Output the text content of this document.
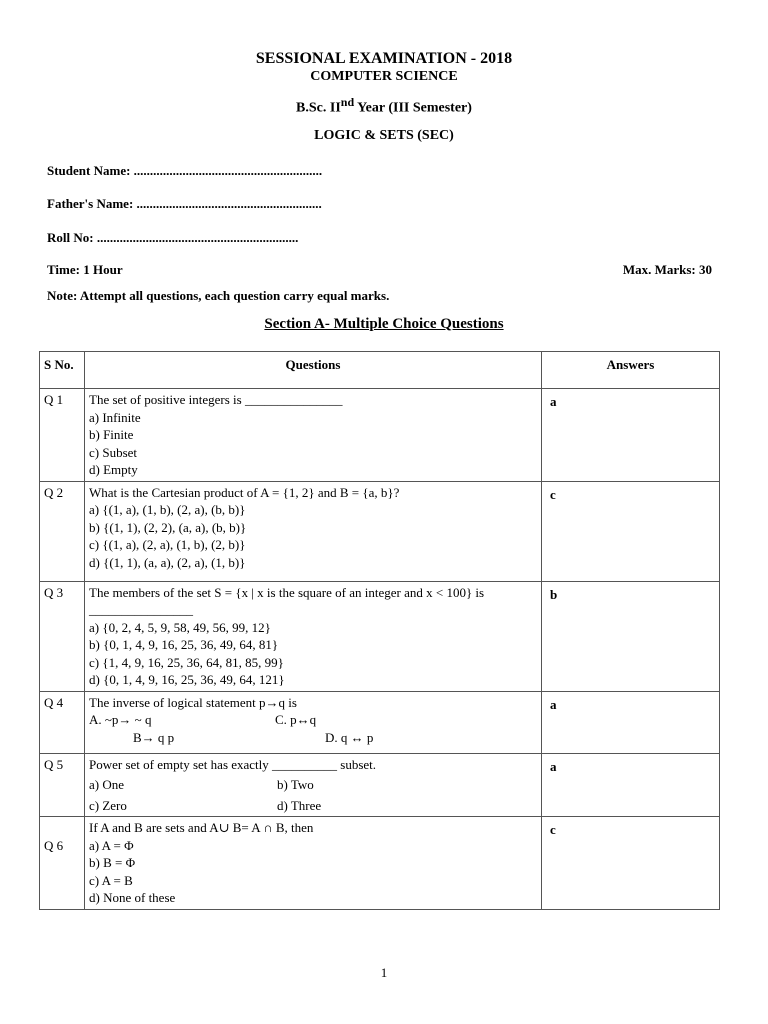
SESSIONAL EXAMINATION - 2018
COMPUTER SCIENCE
B.Sc. IInd Year (III Semester)
LOGIC & SETS (SEC)
Student Name: ..........................................................
Father's Name: .........................................................
Roll No: ..............................................................
Time: 1 Hour	Max. Marks: 30
Note: Attempt all questions, each question carry equal marks.
Section A- Multiple Choice Questions
S No.	Questions	Answers
Q 1	The set of positive integers is _______________
a) Infinite
b) Finite
c) Subset
d) Empty	a
Q 2	What is the Cartesian product of A = {1, 2} and B = {a, b}?
a) {(1, a), (1, b), (2, a), (b, b)}
b) {(1, 1), (2, 2), (a, a), (b, b)}
c) {(1, a), (2, a), (1, b), (2, b)}
d) {(1, 1), (a, a), (2, a), (1, b)}	c
Q 3	The members of the set S = {x | x is the square of an integer and x < 100} is ________________
a) {0, 2, 4, 5, 9, 58, 49, 56, 99, 12}
b) {0, 1, 4, 9, 16, 25, 36, 49, 64, 81}
c) {1, 4, 9, 16, 25, 36, 64, 81, 85, 99}
d) {0, 1, 4, 9, 16, 25, 36, 49, 64, 121}	b
Q 4	The inverse of logical statement p→q is
A. ~p→ ~ q C. p↔q
B→ q p D. q ↔ p	a
Q 5	Power set of empty set has exactly __________ subset.
a) One b) Two
c) Zero d) Three	a
Q 6	If A and B are sets and A∪ B= A ∩ B, then
a) A = Φ
b) B = Φ
c) A = B
d) None of these	c
1
